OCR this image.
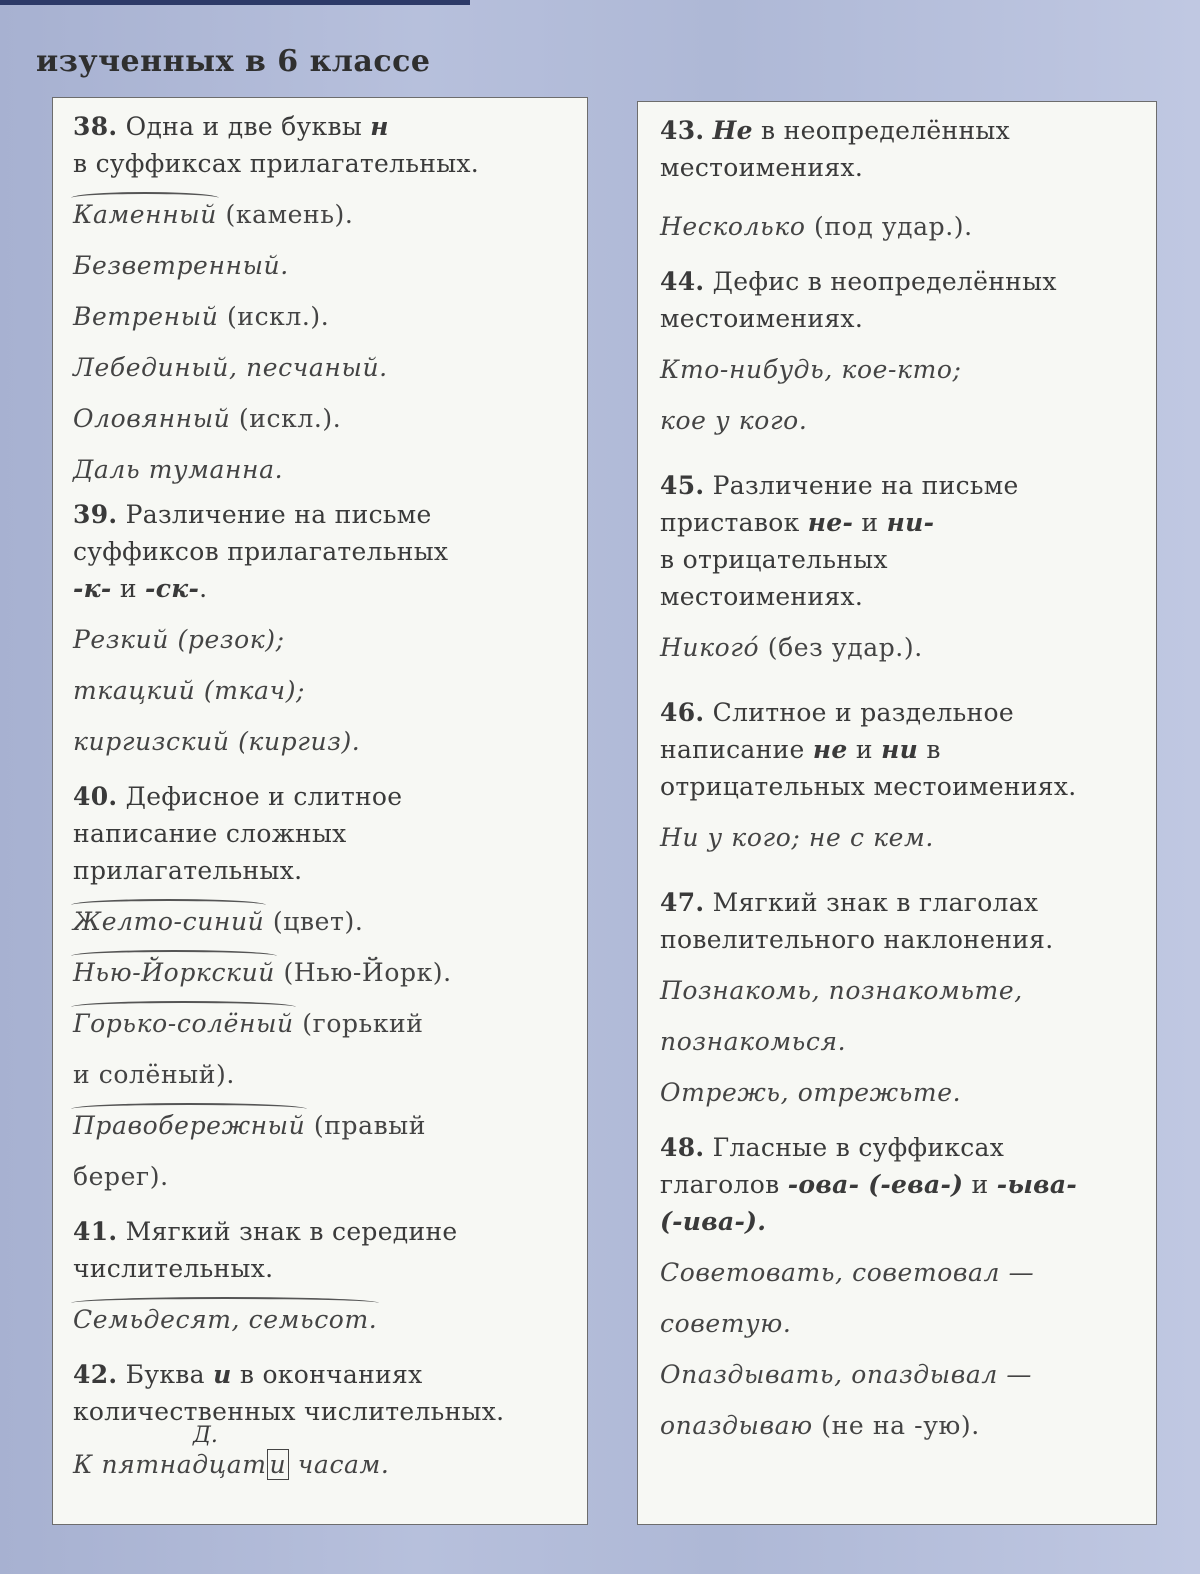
изученных в 6 классе

38. Одна и две буквы н

в суффиксах прилагательных.

Каменный (камень).

Безветренный.

Ветреный (искл.).

Лебединый, песчаный.

Оловянный (искл.).

Даль туманна.

39. Различение на письме

суффиксов прилагательных

-к- и -ск-.

Резкий (резок);

ткацкий (ткач);

киргизский (киргиз).

40. Дефисное и слитное

написание сложных

прилагательных.

Желто-синий (цвет).

Нью-Йоркский (Нью-Йорк).

Горько-солёный (горький

и солёный).

Правобережный (правый

берег).

41. Мягкий знак в середине

числительных.

Семьдесят, семьсот.

42. Буква и в окончаниях

количественных числительных.

Д.

К пятнадцат и часам.

43. Не в неопределённых

местоимениях.

Несколько (под удар.).

44. Дефис в неопределённых

местоимениях.

Кто-нибудь, кое-кто;

кое у кого.

45. Различение на письме

приставок не- и ни-

в отрицательных

местоимениях.

Никого́ (без удар.).

46. Слитное и раздельное

написание не и ни в

отрицательных местоимениях.

Ни у кого; не с кем.

47. Мягкий знак в глаголах

повелительного наклонения.

Познакомь, познакомьте,

познакомься.

Отрежь, отрежьте.

48. Гласные в суффиксах

глаголов -ова- (-ева-) и -ыва-

(-ива-).

Советовать, советовал —

советую.

Опаздывать, опаздывал —

опаздываю (не на -ую).
